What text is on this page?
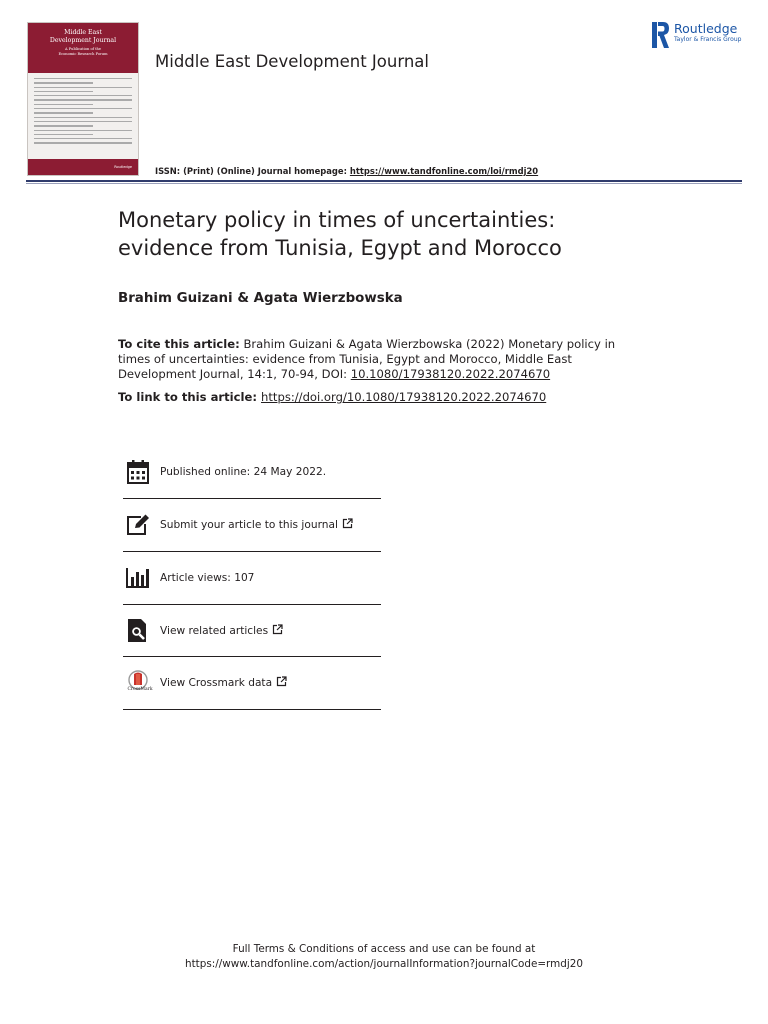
Middle East
Development Journal
A Publication of the
Economic Research Forum
Routledge
Middle East Development Journal
ISSN: (Print) (Online) Journal homepage: https://www.tandfonline.com/loi/rmdj20
Routledge
Taylor & Francis Group
Monetary policy in times of uncertainties:
evidence from Tunisia, Egypt and Morocco
Brahim Guizani & Agata Wierzbowska
To cite this article: Brahim Guizani & Agata Wierzbowska (2022) Monetary policy in times of uncertainties: evidence from Tunisia, Egypt and Morocco, Middle East Development Journal, 14:1, 70-94, DOI: 10.1080/17938120.2022.2074670
To link to this article: https://doi.org/10.1080/17938120.2022.2074670
Published online: 24 May 2022.
Submit your article to this journal
Article views: 107
View related articles
View Crossmark data
CrossMark
Full Terms & Conditions of access and use can be found at
https://www.tandfonline.com/action/journalInformation?journalCode=rmdj20
